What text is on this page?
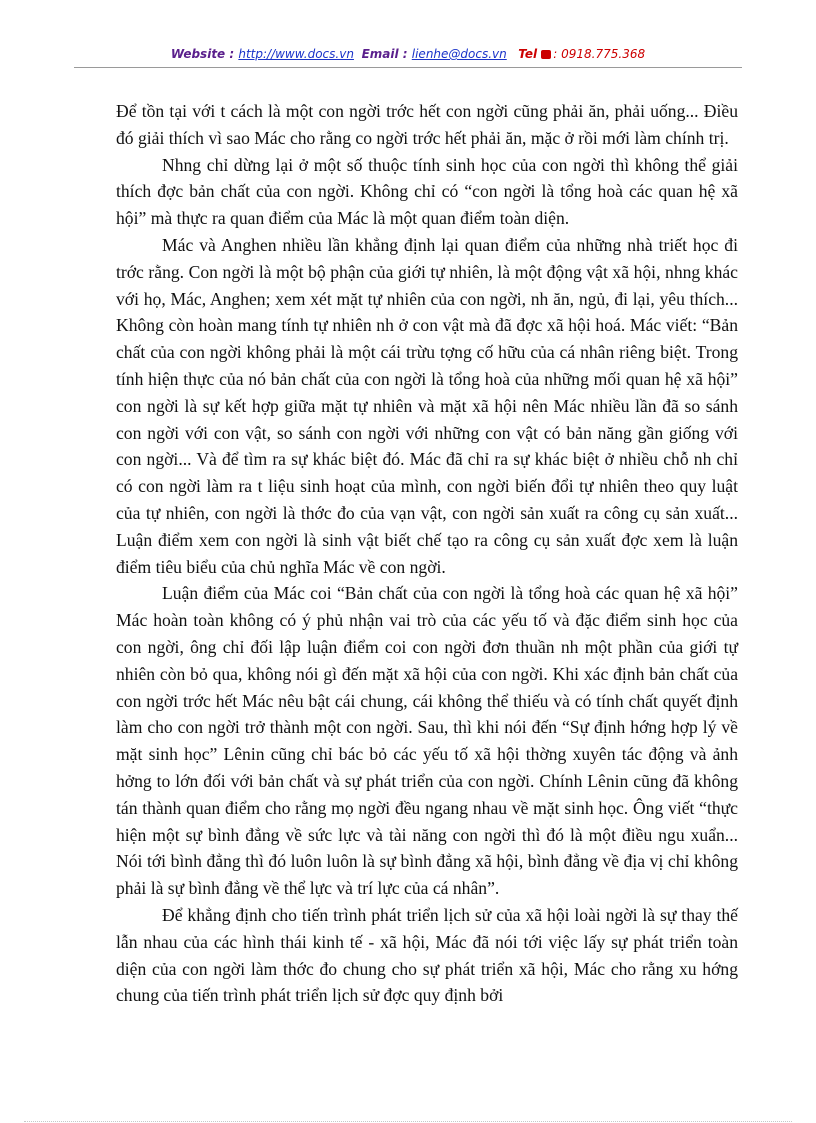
Website : http://www.docs.vn Email : lienhe@docs.vn Tel : 0918.775.368

Để tồn tại với t cách là một con ngời trớc hết con ngời cũng phải ăn, phải uống... Điều đó giải thích vì sao Mác cho rằng co ngời trớc hết phải ăn, mặc ở rồi mới làm chính trị.

Nhng chỉ dừng lại ở một số thuộc tính sinh học của con ngời thì không thể giải thích đợc bản chất của con ngời. Không chỉ có “con ngời là tổng hoà các quan hệ xã hội” mà thực ra quan điểm của Mác là một quan điểm toàn diện.

Mác và Anghen nhiều lần khẳng định lại quan điểm của những nhà triết học đi trớc rằng. Con ngời là một bộ phận của giới tự nhiên, là một động vật xã hội, nhng khác với họ, Mác, Anghen; xem xét mặt tự nhiên của con ngời, nh ăn, ngủ, đi lại, yêu thích... Không còn hoàn mang tính tự nhiên nh ở con vật mà đã đợc xã hội hoá. Mác viết: “Bản chất của con ngời không phải là một cái trừu tợng cố hữu của cá nhân riêng biệt. Trong tính hiện thực của nó bản chất của con ngời là tổng hoà của những mối quan hệ xã hội” con ngời là sự kết hợp giữa mặt tự nhiên và mặt xã hội nên Mác nhiều lần đã so sánh con ngời với con vật, so sánh con ngời với những con vật có bản năng gần giống với con ngời... Và để tìm ra sự khác biệt đó. Mác đã chỉ ra sự khác biệt ở nhiều chỗ nh chỉ có con ngời làm ra t liệu sinh hoạt của mình, con ngời biến đổi tự nhiên theo quy luật của tự nhiên, con ngời là thớc đo của vạn vật, con ngời sản xuất ra công cụ sản xuất... Luận điểm xem con ngời là sinh vật biết chế tạo ra công cụ sản xuất đợc xem là luận điểm tiêu biểu của chủ nghĩa Mác về con ngời.

Luận điểm của Mác coi “Bản chất của con ngời là tổng hoà các quan hệ xã hội” Mác hoàn toàn không có ý phủ nhận vai trò của các yếu tố và đặc điểm sinh học của con ngời, ông chỉ đối lập luận điểm coi con ngời đơn thuần nh một phần của giới tự nhiên còn bỏ qua, không nói gì đến mặt xã hội của con ngời. Khi xác định bản chất của con ngời trớc hết Mác nêu bật cái chung, cái không thể thiếu và có tính chất quyết định làm cho con ngời trở thành một con ngời. Sau, thì khi nói đến “Sự định hớng hợp lý về mặt sinh học” Lênin cũng chỉ bác bỏ các yếu tố xã hội thờng xuyên tác động và ảnh hởng to lớn đối với bản chất và sự phát triển của con ngời. Chính Lênin cũng đã không tán thành quan điểm cho rằng mọ ngời đều ngang nhau về mặt sinh học. Ông viết “thực hiện một sự bình đẳng về sức lực và tài năng con ngời thì đó là một điều ngu xuẩn... Nói tới bình đẳng thì đó luôn luôn là sự bình đẳng xã hội, bình đẳng về địa vị chỉ không phải là sự bình đẳng về thể lực và trí lực của cá nhân”.

Để khẳng định cho tiến trình phát triển lịch sử của xã hội loài ngời là sự thay thế lẫn nhau của các hình thái kinh tế - xã hội, Mác đã nói tới việc lấy sự phát triển toàn diện của con ngời làm thớc đo chung cho sự phát triển xã hội, Mác cho rằng xu hớng chung của tiến trình phát triển lịch sử đợc quy định bởi
